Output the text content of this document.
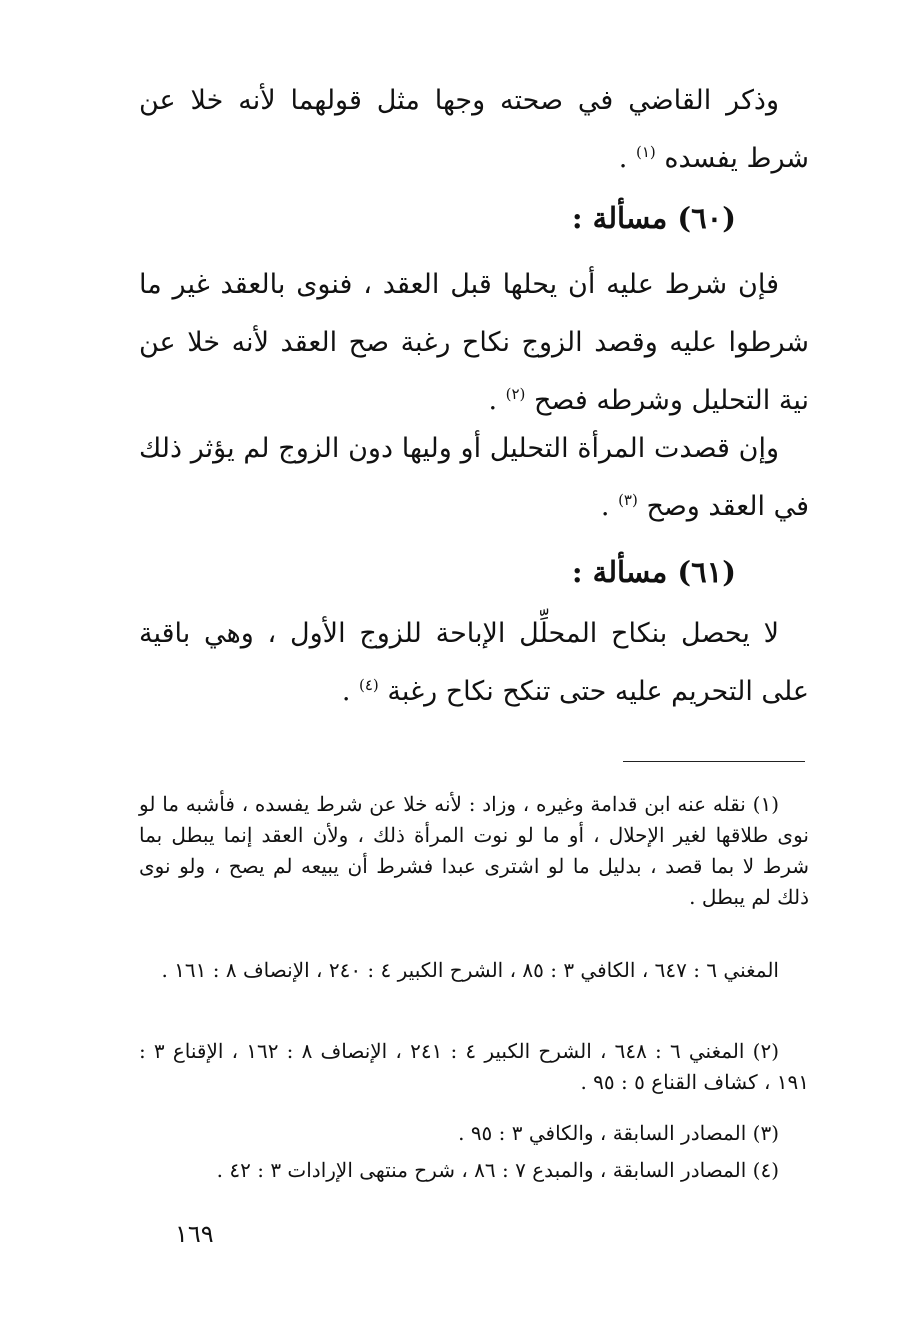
وذكر القاضي في صحته وجها مثل قولهما لأنه خلا عن شرط يفسده $^{(١)}$ .
(٦٠) مسألة :
فإن شرط عليه أن يحلها قبل العقد ، فنوى بالعقد غير ما شرطوا عليه وقصد الزوج نكاح رغبة صح العقد لأنه خلا عن نية التحليل وشرطه فصح $^{(٢)}$ .
وإن قصدت المرأة التحليل أو وليها دون الزوج لم يؤثر ذلك في العقد وصح $^{(٣)}$ .
(٦١) مسألة :
لا يحصل بنكاح المحلِّل الإباحة للزوج الأول ، وهي باقية على التحريم عليه حتى تنكح نكاح رغبة $^{(٤)}$ .
(١) نقله عنه ابن قدامة وغيره ، وزاد : لأنه خلا عن شرط يفسده ، فأشبه ما لو نوى طلاقها لغير الإحلال ، أو ما لو نوت المرأة ذلك ، ولأن العقد إنما يبطل بما شرط لا بما قصد ، بدليل ما لو اشترى عبدا فشرط أن يبيعه لم يصح ، ولو نوى ذلك لم يبطل .
المغني ٦ : ٦٤٧ ، الكافي ٣ : ٨٥ ، الشرح الكبير ٤ : ٢٤٠ ، الإنصاف ٨ : ١٦١ .
(٢) المغني ٦ : ٦٤٨ ، الشرح الكبير ٤ : ٢٤١ ، الإنصاف ٨ : ١٦٢ ، الإقناع ٣ : ١٩١ ، كشاف القناع ٥ : ٩٥ .
(٣) المصادر السابقة ، والكافي ٣ : ٩٥ .
(٤) المصادر السابقة ، والمبدع ٧ : ٨٦ ، شرح منتهى الإرادات ٣ : ٤٢ .
١٦٩
